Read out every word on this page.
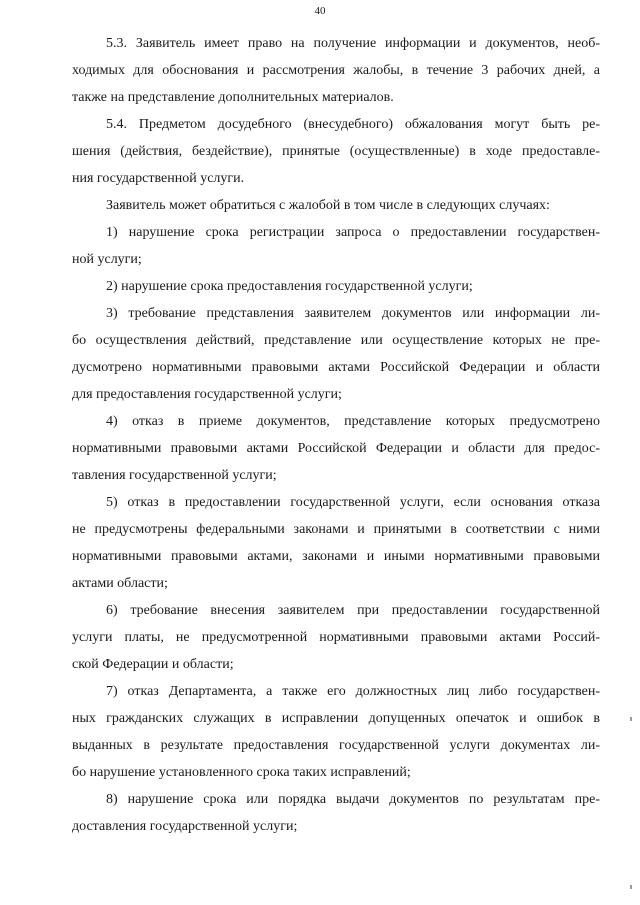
40
5.3. Заявитель имеет право на получение информации и документов, необ-
ходимых для обоснования и рассмотрения жалобы, в течение 3 рабочих дней, а
также на представление дополнительных материалов.
5.4. Предметом досудебного (внесудебного) обжалования могут быть ре-
шения (действия, бездействие), принятые (осуществленные) в ходе предоставле-
ния государственной услуги.
Заявитель может обратиться с жалобой в том числе в следующих случаях:
1) нарушение срока регистрации запроса о предоставлении государствен-
ной услуги;
2) нарушение срока предоставления государственной услуги;
3) требование представления заявителем документов или информации ли-
бо осуществления действий, представление или осуществление которых не пре-
дусмотрено нормативными правовыми актами Российской Федерации и области
для предоставления государственной услуги;
4) отказ в приеме документов, представление которых предусмотрено
нормативными правовыми актами Российской Федерации и области для предос-
тавления государственной услуги;
5) отказ в предоставлении государственной услуги, если основания отказа
не предусмотрены федеральными законами и принятыми в соответствии с ними
нормативными правовыми актами, законами и иными нормативными правовыми
актами области;
6) требование внесения заявителем при предоставлении государственной
услуги платы, не предусмотренной нормативными правовыми актами Россий-
ской Федерации и области;
7) отказ Департамента, а также его должностных лиц либо государствен-
ных гражданских служащих в исправлении допущенных опечаток и ошибок в
выданных в результате предоставления государственной услуги документах ли-
бо нарушение установленного срока таких исправлений;
8) нарушение срока или порядка выдачи документов по результатам пре-
доставления государственной услуги;
